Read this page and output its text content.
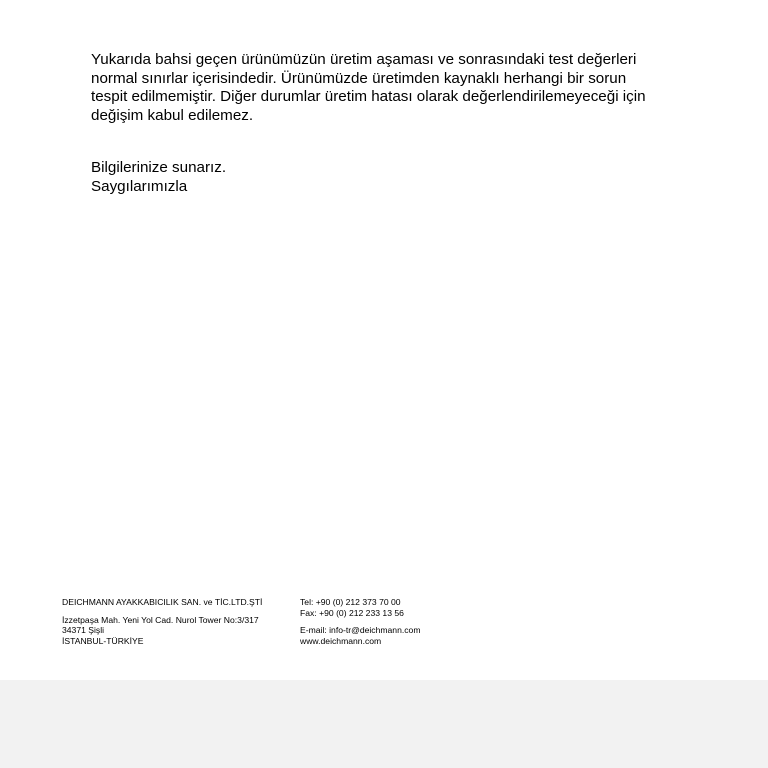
Yukarıda bahsi geçen ürünümüzün üretim aşaması ve sonrasındaki test değerleri
normal sınırlar içerisindedir. Ürünümüzde üretimden kaynaklı herhangi bir sorun
tespit edilmemiştir. Diğer durumlar üretim hatası olarak değerlendirilemeyeceği için
değişim kabul edilemez.

Bilgilerinize sunarız.
Saygılarımızla
DEICHMANN AYAKKABICILIK SAN. ve TİC.LTD.ŞTİ
İzzetpaşa Mah. Yeni Yol Cad. Nurol Tower No:3/317
34371 Şişli
İSTANBUL-TÜRKİYE
Tel: +90 (0) 212 373 70 00
Fax: +90 (0) 212 233 13 56
E-mail: info-tr@deichmann.com
www.deichmann.com
